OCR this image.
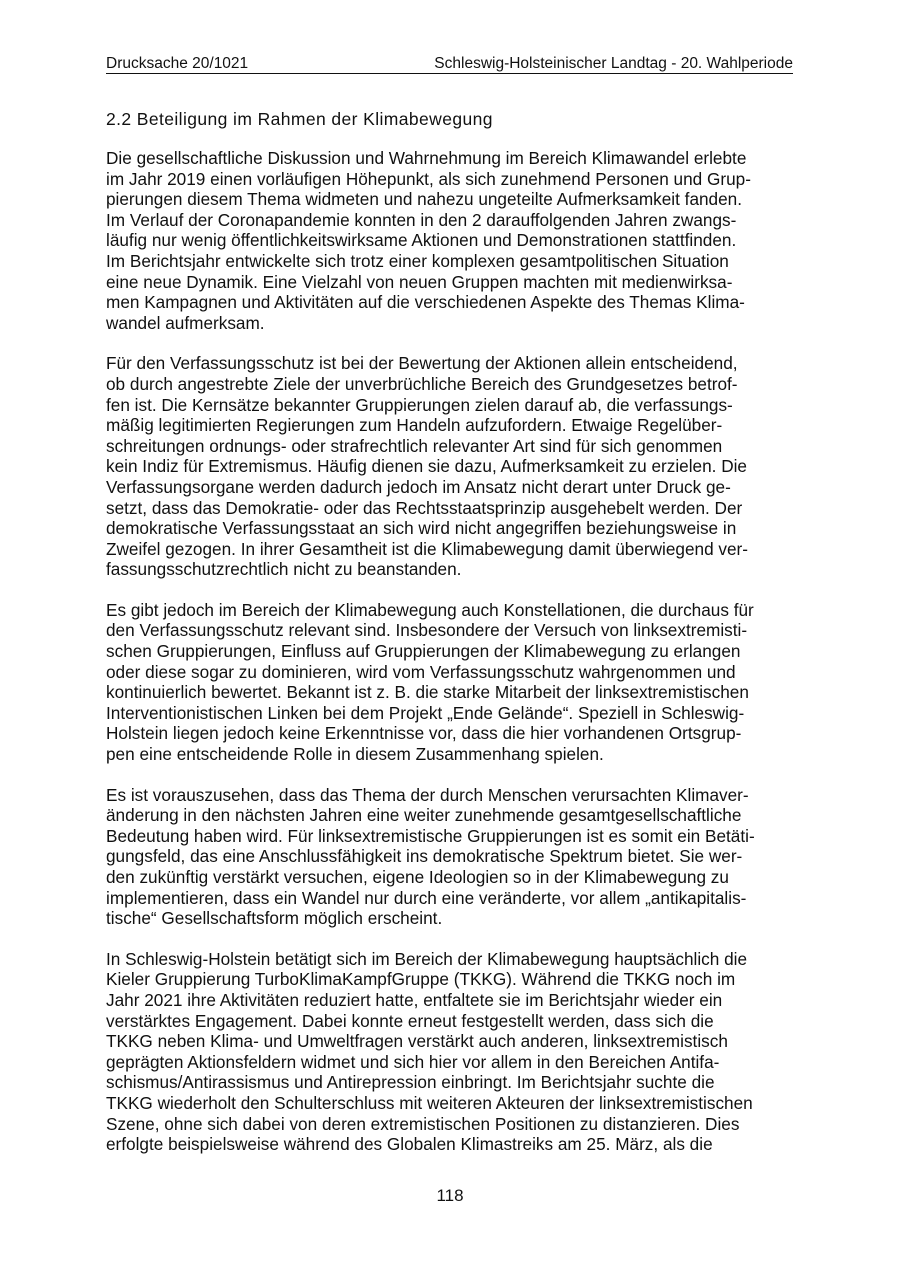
Drucksache 20/1021	Schleswig-Holsteinischer Landtag - 20. Wahlperiode
2.2 Beteiligung im Rahmen der Klimabewegung
Die gesellschaftliche Diskussion und Wahrnehmung im Bereich Klimawandel erlebte
im Jahr 2019 einen vorläufigen Höhepunkt, als sich zunehmend Personen und Grup-
pierungen diesem Thema widmeten und nahezu ungeteilte Aufmerksamkeit fanden.
Im Verlauf der Coronapandemie konnten in den 2 darauffolgenden Jahren zwangs-
läufig nur wenig öffentlichkeitswirksame Aktionen und Demonstrationen stattfinden.
Im Berichtsjahr entwickelte sich trotz einer komplexen gesamtpolitischen Situation
eine neue Dynamik. Eine Vielzahl von neuen Gruppen machten mit medienwirksa-
men Kampagnen und Aktivitäten auf die verschiedenen Aspekte des Themas Klima-
wandel aufmerksam.
Für den Verfassungsschutz ist bei der Bewertung der Aktionen allein entscheidend,
ob durch angestrebte Ziele der unverbrüchliche Bereich des Grundgesetzes betrof-
fen ist. Die Kernsätze bekannter Gruppierungen zielen darauf ab, die verfassungs-
mäßig legitimierten Regierungen zum Handeln aufzufordern. Etwaige Regelüber-
schreitungen ordnungs- oder strafrechtlich relevanter Art sind für sich genommen
kein Indiz für Extremismus. Häufig dienen sie dazu, Aufmerksamkeit zu erzielen. Die
Verfassungsorgane werden dadurch jedoch im Ansatz nicht derart unter Druck ge-
setzt, dass das Demokratie- oder das Rechtsstaatsprinzip ausgehebelt werden. Der
demokratische Verfassungsstaat an sich wird nicht angegriffen beziehungsweise in
Zweifel gezogen. In ihrer Gesamtheit ist die Klimabewegung damit überwiegend ver-
fassungsschutzrechtlich nicht zu beanstanden.
Es gibt jedoch im Bereich der Klimabewegung auch Konstellationen, die durchaus für
den Verfassungsschutz relevant sind. Insbesondere der Versuch von linksextremisti-
schen Gruppierungen, Einfluss auf Gruppierungen der Klimabewegung zu erlangen
oder diese sogar zu dominieren, wird vom Verfassungsschutz wahrgenommen und
kontinuierlich bewertet. Bekannt ist z. B. die starke Mitarbeit der linksextremistischen
Interventionistischen Linken bei dem Projekt „Ende Gelände“. Speziell in Schleswig-
Holstein liegen jedoch keine Erkenntnisse vor, dass die hier vorhandenen Ortsgrup-
pen eine entscheidende Rolle in diesem Zusammenhang spielen.
Es ist vorauszusehen, dass das Thema der durch Menschen verursachten Klimaver-
änderung in den nächsten Jahren eine weiter zunehmende gesamtgesellschaftliche
Bedeutung haben wird. Für linksextremistische Gruppierungen ist es somit ein Betäti-
gungsfeld, das eine Anschlussfähigkeit ins demokratische Spektrum bietet. Sie wer-
den zukünftig verstärkt versuchen, eigene Ideologien so in der Klimabewegung zu
implementieren, dass ein Wandel nur durch eine veränderte, vor allem „antikapitalis-
tische“ Gesellschaftsform möglich erscheint.
In Schleswig-Holstein betätigt sich im Bereich der Klimabewegung hauptsächlich die
Kieler Gruppierung TurboKlimaKampfGruppe (TKKG). Während die TKKG noch im
Jahr 2021 ihre Aktivitäten reduziert hatte, entfaltete sie im Berichtsjahr wieder ein
verstärktes Engagement. Dabei konnte erneut festgestellt werden, dass sich die
TKKG neben Klima- und Umweltfragen verstärkt auch anderen, linksextremistisch
geprägten Aktionsfeldern widmet und sich hier vor allem in den Bereichen Antifa-
schismus/Antirassismus und Antirepression einbringt. Im Berichtsjahr suchte die
TKKG wiederholt den Schulterschluss mit weiteren Akteuren der linksextremistischen
Szene, ohne sich dabei von deren extremistischen Positionen zu distanzieren. Dies
erfolgte beispielsweise während des Globalen Klimastreiks am 25. März, als die
118
